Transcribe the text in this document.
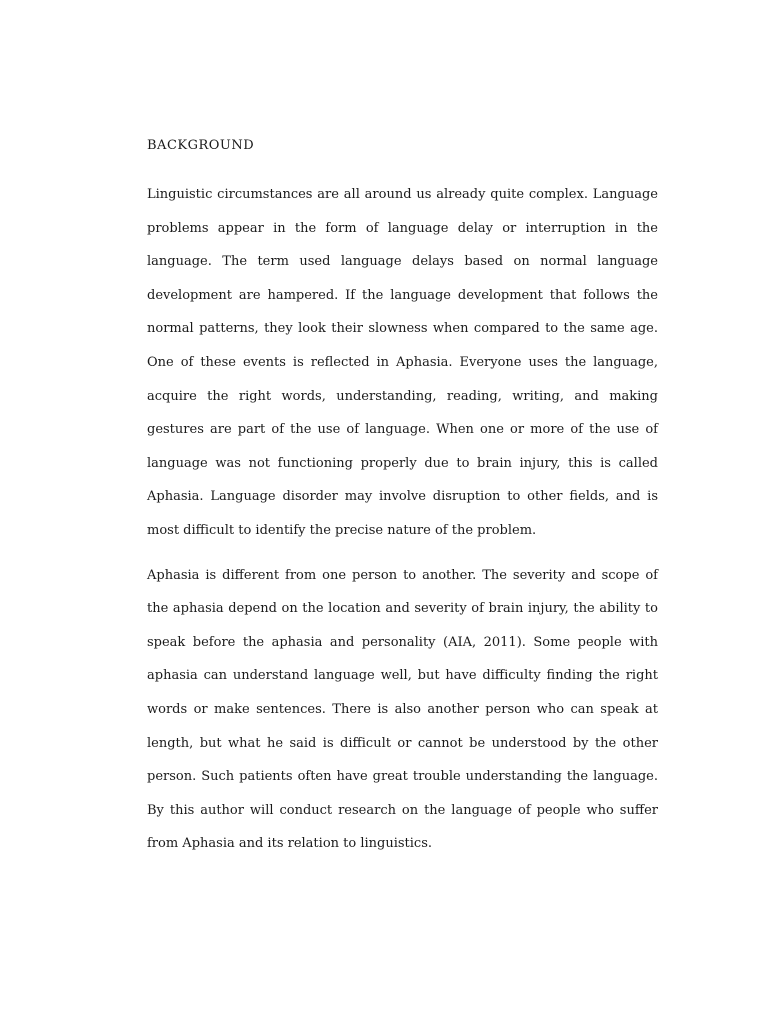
BACKGROUND

Linguistic circumstances are all around us already quite complex. Language problems appear in the form of language delay or interruption in the language. The term used language delays based on normal language development are hampered. If the language development that follows the normal patterns, they look their slowness when compared to the same age. One of these events is reflected in Aphasia. Everyone uses the language, acquire the right words, understanding, reading, writing, and making gestures are part of the use of language. When one or more of the use of language was not functioning properly due to brain injury, this is called Aphasia. Language disorder may involve disruption to other fields, and is most difficult to identify the precise nature of the problem.

Aphasia is different from one person to another. The severity and scope of the aphasia depend on the location and severity of brain injury, the ability to speak before the aphasia and personality (AIA, 2011). Some people with aphasia can understand language well, but have difficulty finding the right words or make sentences. There is also another person who can speak at length, but what he said is difficult or cannot be understood by the other person. Such patients often have great trouble understanding the language. By this author will conduct research on the language of people who suffer from Aphasia and its relation to linguistics.
